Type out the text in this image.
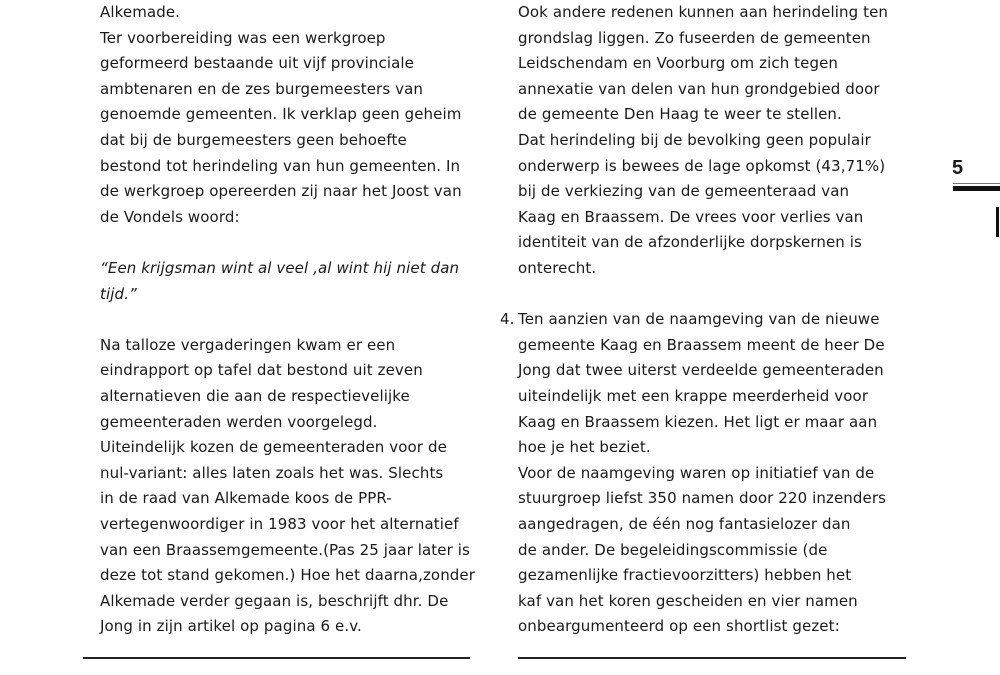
Alkemade.
Ter voorbereiding was een werkgroep
geformeerd bestaande uit vijf provinciale
ambtenaren en de zes burgemeesters van
genoemde gemeenten. Ik verklap geen geheim
dat bij de burgemeesters geen behoefte
bestond tot herindeling van hun gemeenten. In
de werkgroep opereerden zij naar het Joost van
de Vondels woord:
“Een krijgsman wint al veel ,al wint hij niet dan
tijd.”
Na talloze vergaderingen kwam er een
eindrapport op tafel dat bestond uit zeven
alternatieven die aan de respectievelijke
gemeenteraden werden voorgelegd.
Uiteindelijk kozen de gemeenteraden voor de
nul-variant: alles laten zoals het was. Slechts
in de raad van Alkemade koos de PPR-
vertegenwoordiger in 1983 voor het alternatief
van een Braassemgemeente.(Pas 25 jaar later is
deze tot stand gekomen.) Hoe het daarna,zonder
Alkemade verder gegaan is, beschrijft dhr. De
Jong in zijn artikel op pagina 6 e.v.
Ook andere redenen kunnen aan herindeling ten
grondslag liggen. Zo fuseerden de gemeenten
Leidschendam en Voorburg om zich tegen
annexatie van delen van hun grondgebied door
de gemeente Den Haag te weer te stellen.
Dat herindeling bij de bevolking geen populair
onderwerp is bewees de lage opkomst (43,71%)
bij de verkiezing van de gemeenteraad van
Kaag en Braassem. De vrees voor verlies van
identiteit van de afzonderlijke dorpskernen is
onterecht.
4. Ten aanzien van de naamgeving van de nieuwe
gemeente Kaag en Braassem meent de heer De
Jong dat twee uiterst verdeelde gemeenteraden
uiteindelijk met een krappe meerderheid voor
Kaag en Braassem kiezen. Het ligt er maar aan
hoe je het beziet.
Voor de naamgeving waren op initiatief van de
stuurgroep liefst 350 namen door 220 inzenders
aangedragen, de één nog fantasielozer dan
de ander. De begeleidingscommissie (de
gezamenlijke fractievoorzitters) hebben het
kaf van het koren gescheiden en vier namen
onbeargumenteerd op een shortlist gezet:
5
